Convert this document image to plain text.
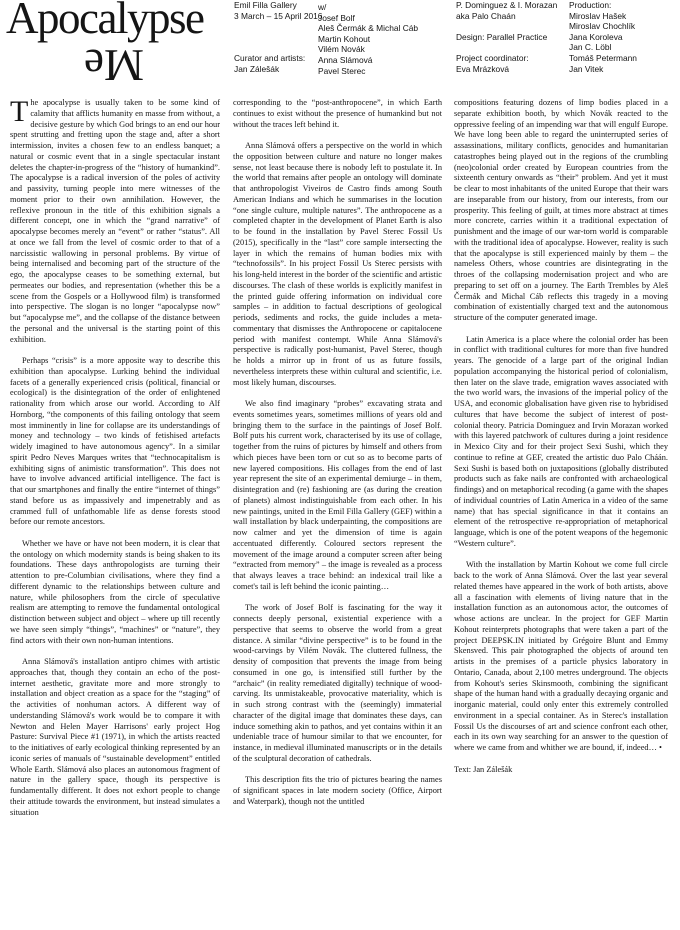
Apocalypse
Me
Emil Filla Gallery
3 March – 15 April 2016
Curator and artists:
Jan Zálešák
w/
Josef Bolf
Aleš Čermák & Michal Cáb
Martin Kohout
Vilém Novák
Anna Slámová
Pavel Sterec
P. Dominguez & I. Morazan
aka Palo Chaán
Design: Parallel Practice
Project coordinator:
Eva Mrázková
Production:
Miroslav Hašek
Miroslav Chochlík
Jana Koroleva
Jan C. Löbl
Tomáš Petermann
Jan Vitek

The apocalypse is usually taken to be some kind of calamity that afflicts humanity en masse from without, a decisive gesture by which God brings to an end our hour spent strutting and fretting upon the stage and, after a short intermission, invites a chosen few to an endless banquet; a natural or cosmic event that in a single spectacular instant deletes the chapter-in-progress of the “history of humankind”. The apocalypse is a radical inversion of the poles of activity and passivity, turning people into mere witnesses of the moment prior to their own annihilation. However, the reflexive pronoun in the title of this exhibition signals a different concept, one in which the “grand narrative” of apocalypse becomes merely an “event” or rather “status”. All at once we fall from the level of cosmic order to that of a narcissistic wallowing in personal problems. By virtue of being internalised and becoming part of the structure of the ego, the apocalypse ceases to be something external, but permeates our bodies, and representation (whether this be a scene from the Gospels or a Hollywood film) is transformed into perspective. The slogan is no longer “apocalypse now” but “apocalypse me”, and the collapse of the distance between the personal and the universal is the starting point of this exhibition.

Perhaps “crisis” is a more apposite way to describe this exhibition than apocalypse. Lurking behind the individual facets of a generally experienced crisis (political, financial or ecological) is the disintegration of the order of enlightened rationality from which arose our world. According to Alf Hornborg, “the components of this failing ontology that seem most imminently in line for collapse are its understandings of money and technology – two kinds of fetishised artefacts widely imagined to have autonomous agency”. In a similar spirit Pedro Neves Marques writes that “technocapitalism is exhibiting signs of animistic transformation”. This does not have to involve advanced artificial intelligence. The fact is that our smartphones and finally the entire “internet of things” stand before us as impassively and impenetrably and as crammed full of unfathomable life as dense forests stood before our remote ancestors.

Whether we have or have not been modern, it is clear that the ontology on which modernity stands is being shaken to its foundations. These days anthropologists are turning their attention to pre-Columbian civilisations, where they find a different dynamic to the relationships between culture and nature, while philosophers from the circle of speculative realism are attempting to remove the fundamental ontological distinction between subject and object – where up till recently we have seen simply “things”, “machines” or “nature”, they find actors with their own non-human intentions.

Anna Slámová's installation antipro chimes with artistic approaches that, though they contain an echo of the post-internet aesthetic, gravitate more and more strongly to installation and object creation as a space for the “staging” of the activities of nonhuman actors. A different way of understanding Slámová's work would be to compare it with Newton and Helen Mayer Harrisons' early project Hog Pasture: Survival Piece #1 (1971), in which the artists reacted to the initiatives of early ecological thinking represented by an iconic series of manuals of “sustainable development” entitled Whole Earth. Slámová also places an autonomous fragment of nature in the gallery space, though its perspective is fundamentally different. It does not exhort people to change their attitude towards the environment, but instead simulates a situation

corresponding to the “post-anthropocene”, in which Earth continues to exist without the presence of humankind but not without the traces left behind it.

Anna Slámová offers a perspective on the world in which the opposition between culture and nature no longer makes sense, not least because there is nobody left to postulate it. In the world that remains after people an ontology will dominate that anthropologist Viveiros de Castro finds among South American Indians and which he summarises in the locution “one single culture, multiple natures”. The anthropocene as a completed chapter in the development of Planet Earth is also to be found in the installation by Pavel Sterec Fossil Us (2015), specifically in the “last” core sample intersecting the layer in which the remains of human bodies mix with “technofossils”. In his project Fossil Us Sterec persists with his long-held interest in the border of the scientific and artistic discourses. The clash of these worlds is explicitly manifest in the printed guide offering information on individual core samples – in addition to factual descriptions of geological periods, sediments and rocks, the guide includes a meta-commentary that dismisses the Anthropocene or capitalocene period with manifest contempt. While Anna Slámová's perspective is radically post-humanist, Pavel Sterec, though he holds a mirror up in front of us as future fossils, nevertheless interprets these within cultural and scientific, i.e. most likely human, discourses.

We also find imaginary “probes” excavating strata and events sometimes years, sometimes millions of years old and bringing them to the surface in the paintings of Josef Bolf. Bolf puts his current work, characterised by its use of collage, together from the ruins of pictures by himself and others from which pieces have been torn or cut so as to become parts of new layered compositions. His collages from the end of last year represent the site of an experimental demiurge – in them, disintegration and (re) fashioning are (as during the creation of planets) almost indistinguishable from each other. In his new paintings, united in the Emil Filla Gallery (GEF) within a wall installation by black underpainting, the compositions are now calmer and yet the dimension of time is again accentuated differently. Coloured sectors represent the movement of the image around a computer screen after being “extracted from memory” – the image is revealed as a process that always leaves a trace behind: an indexical trail like a comet's tail is left behind the iconic painting…

The work of Josef Bolf is fascinating for the way it connects deeply personal, existential experience with a perspective that seems to observe the world from a great distance. A similar “divine perspective” is to be found in the wood-carvings by Vilém Novák. The cluttered fullness, the density of composition that prevents the image from being consumed in one go, is intensified still further by the “archaic” (in reality remediated digitally) technique of wood-carving. Its unmistakeable, provocative materiality, which is in such strong contrast with the (seemingly) immaterial character of the digital image that dominates these days, can induce something akin to pathos, and yet contains within it an undeniable trace of humour similar to that we encounter, for instance, in medieval illuminated manuscripts or in the details of the sculptural decoration of cathedrals.

This description fits the trio of pictures bearing the names of significant spaces in late modern society (Office, Airport and Waterpark), though not the untitled

compositions featuring dozens of limp bodies placed in a separate exhibition booth, by which Novák reacted to the oppressive feeling of an impending war that will engulf Europe. We have long been able to regard the uninterrupted series of assassinations, military conflicts, genocides and humanitarian catastrophes being played out in the regions of the crumbling (neo)colonial order created by European countries from the sixteenth century onwards as “their” problem. And yet it must be clear to most inhabitants of the united Europe that their wars are inseparable from our history, from our interests, from our prosperity. This feeling of guilt, at times more abstract at times more concrete, carries within it a traditional expectation of punishment and the image of our war-torn world is comparable with the traditional idea of apocalypse. However, reality is such that the apocalypse is still experienced mainly by them – the nameless Others, whose countries are disintegrating in the throes of the collapsing modernisation project and who are preparing to set off on a journey. The Earth Trembles by Aleš Čermák and Michal Cáb reflects this tragedy in a moving combination of existentially charged text and the autonomous structure of the computer generated image.

Latin America is a place where the colonial order has been in conflict with traditional cultures for more than five hundred years. The genocide of a large part of the original Indian population accompanying the historical period of colonialism, then later on the slave trade, emigration waves associated with the two world wars, the invasions of the imperial policy of the USA, and economic globalisation have given rise to hybridised cultures that have become the subject of interest of post-colonial theory. Patricia Dominguez and Irvin Morazan worked with this layered patchwork of cultures during a joint residence in Mexico City and for their project Sexi Sushi, which they continue to refine at GEF, created the artistic duo Palo Cháán. Sexi Sushi is based both on juxtapositions (globally distributed products such as fake nails are confronted with archaeological findings) and on metaphorical recoding (a game with the shapes of individual countries of Latin America in a video of the same name) that has special significance in that it contains an element of the retrospective re-appropriation of metaphorical language, which is one of the potent weapons of the hegemonic “Western culture”.

With the installation by Martin Kohout we come full circle back to the work of Anna Slámová. Over the last year several related themes have appeared in the work of both artists, above all a fascination with elements of living nature that in the installation function as an autonomous actor, the outcomes of whose actions are unclear. In the project for GEF Martin Kohout reinterprets photographs that were taken a part of the project DEEPSK.IN initiated by Grégoire Blunt and Emmy Skensved. This pair photographed the objects of around ten artists in the premises of a particle physics laboratory in Ontario, Canada, about 2,100 metres underground. The objects from Kohout's series Skinsmooth, combining the significant shape of the human hand with a gradually decaying organic and inorganic material, could only enter this extremely controlled environment in a special container. As in Sterec's installation Fossil Us the discourses of art and science confront each other, each in its own way searching for an answer to the question of where we came from and whither we are bound, if, indeed… •

Text: Jan Zálešák
